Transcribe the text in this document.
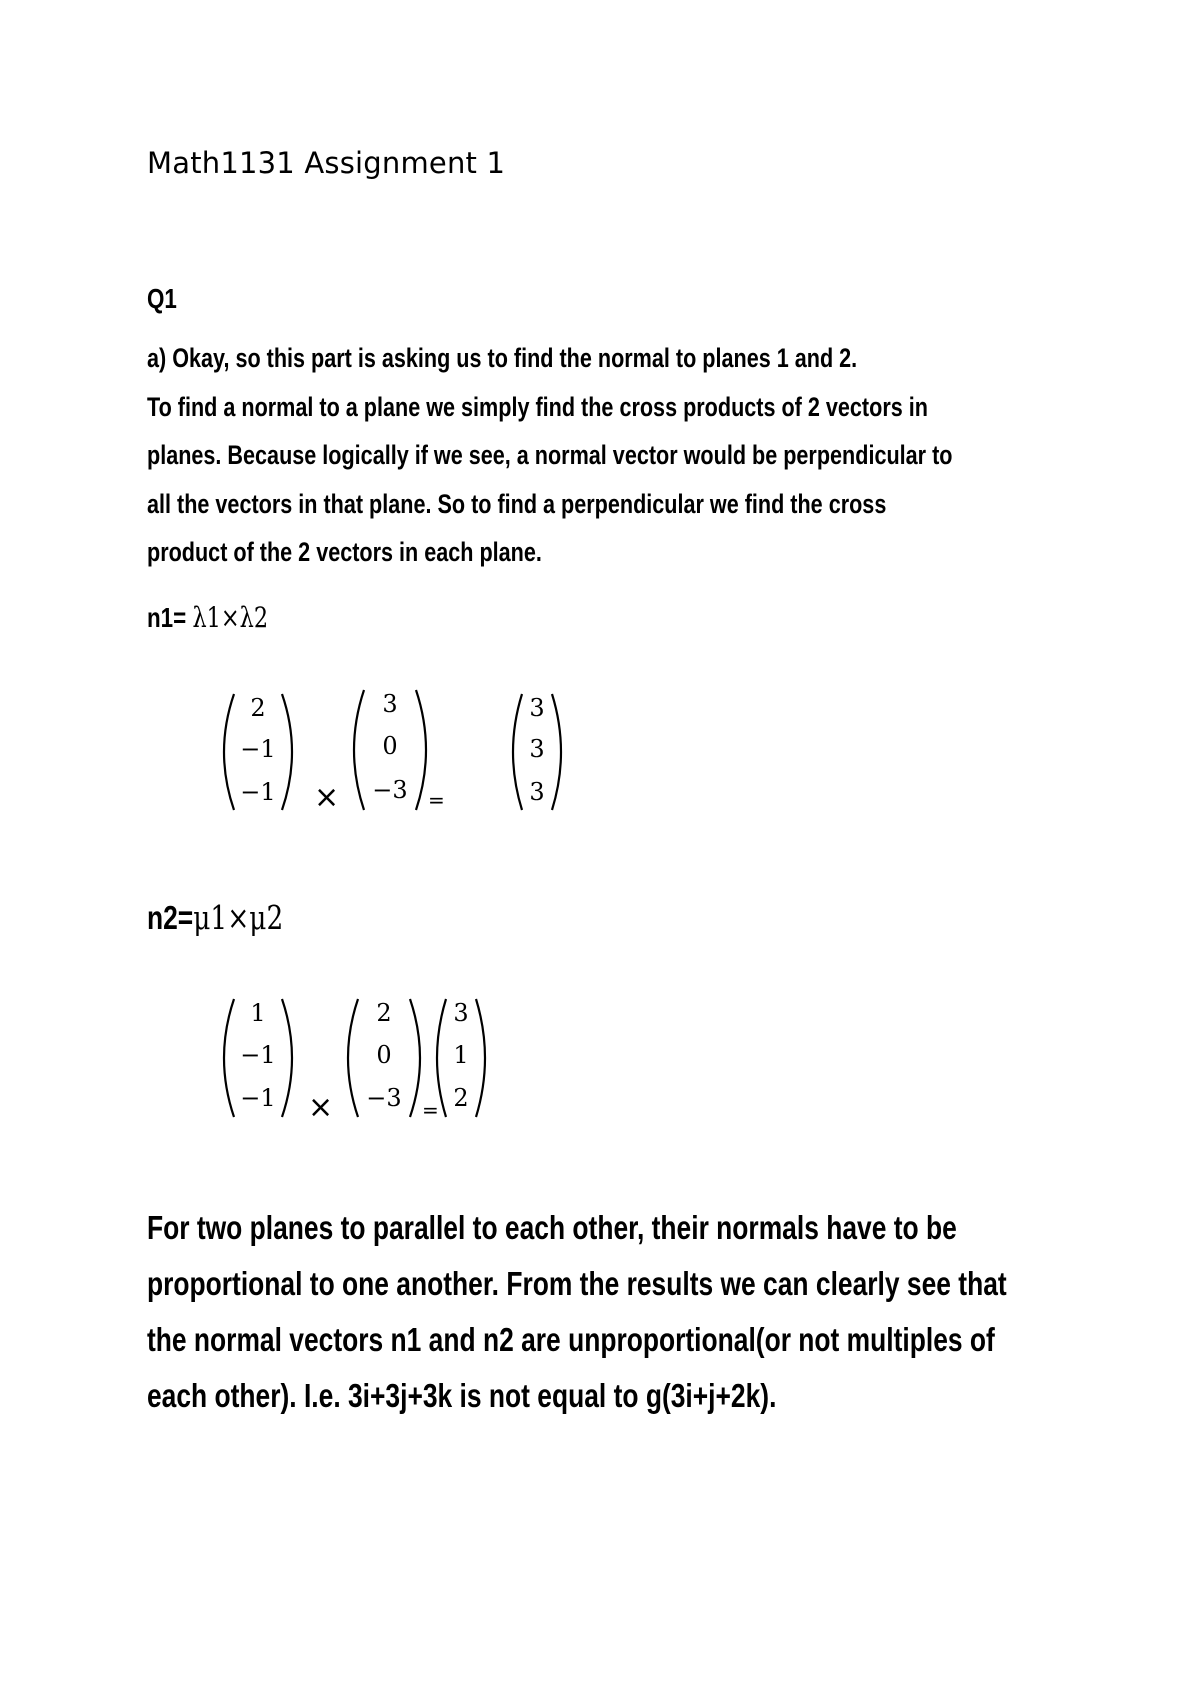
Math1131 Assignment 1
Q1
a) Okay, so this part is asking us to find the normal to planes 1 and 2.
To find a normal to a plane we simply find the cross products of 2 vectors in
planes. Because logically if we see, a normal vector would be perpendicular to
all the vectors in that plane. So to find a perpendicular we find the cross
product of the 2 vectors in each plane.
n1= λ1×λ2
2
−1
−1	×
3
0
−3	=
3
3
3
n2=μ1×μ2
1
−1
−1	×
2
0
−3	=
3
1
2
For two planes to parallel to each other, their normals have to be
proportional to one another. From the results we can clearly see that
the normal vectors n1 and n2 are unproportional(or not multiples of
each other). I.e. 3i+3j+3k is not equal to g(3i+j+2k).
